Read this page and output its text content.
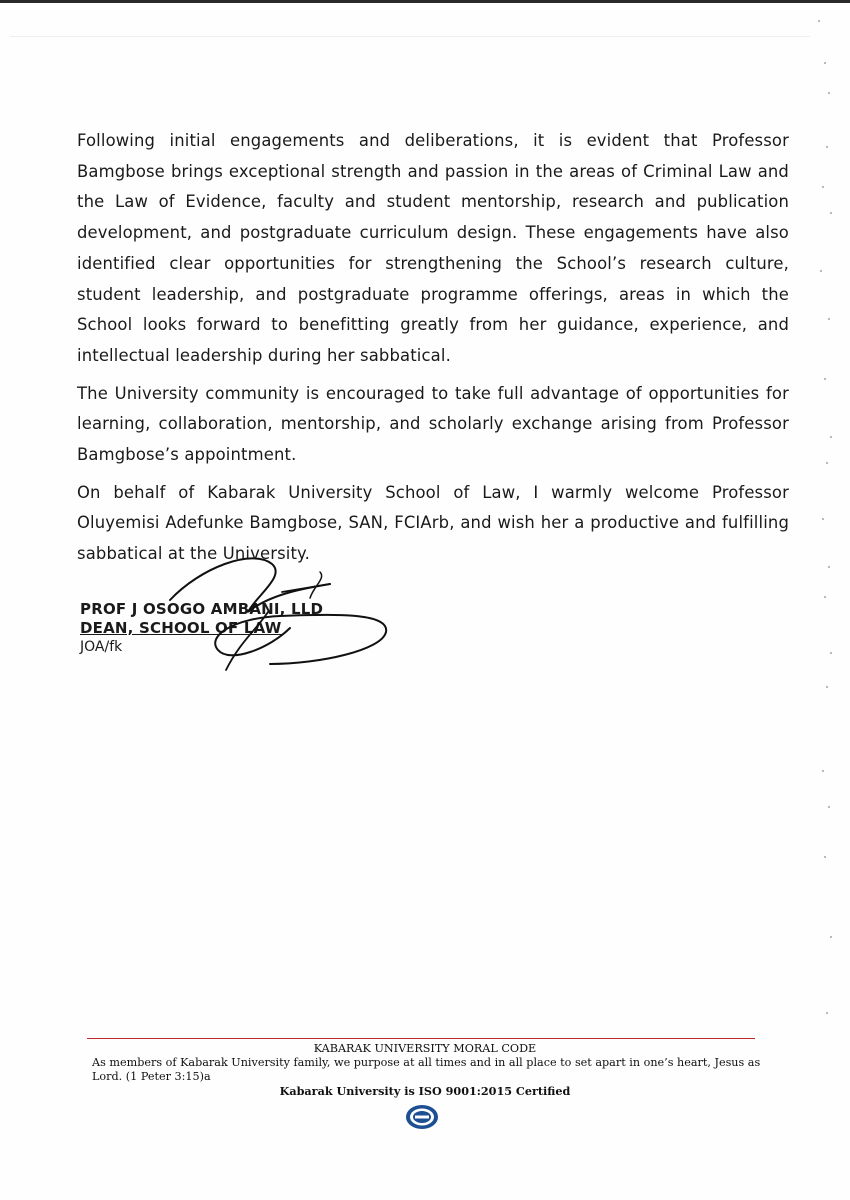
Following initial engagements and deliberations, it is evident that Professor Bamgbose brings exceptional strength and passion in the areas of Criminal Law and the Law of Evidence, faculty and student mentorship, research and publication development, and postgraduate curriculum design. These engagements have also identified clear opportunities for strengthening the School’s research culture, student leadership, and postgraduate programme offerings, areas in which the School looks forward to benefitting greatly from her guidance, experience, and intellectual leadership during her sabbatical.

The University community is encouraged to take full advantage of opportunities for learning, collaboration, mentorship, and scholarly exchange arising from Professor Bamgbose’s appointment.

On behalf of Kabarak University School of Law, I warmly welcome Professor Oluyemisi Adefunke Bamgbose, SAN, FCIArb, and wish her a productive and fulfilling sabbatical at the University.

PROF J OSOGO AMBANI, LLD
DEAN, SCHOOL OF LAW
JOA/fk
KABARAK UNIVERSITY MORAL CODE
As members of Kabarak University family, we purpose at all times and in all place to set apart in one’s heart, Jesus as Lord. (1 Peter 3:15)a
Kabarak University is ISO 9001:2015 Certified
